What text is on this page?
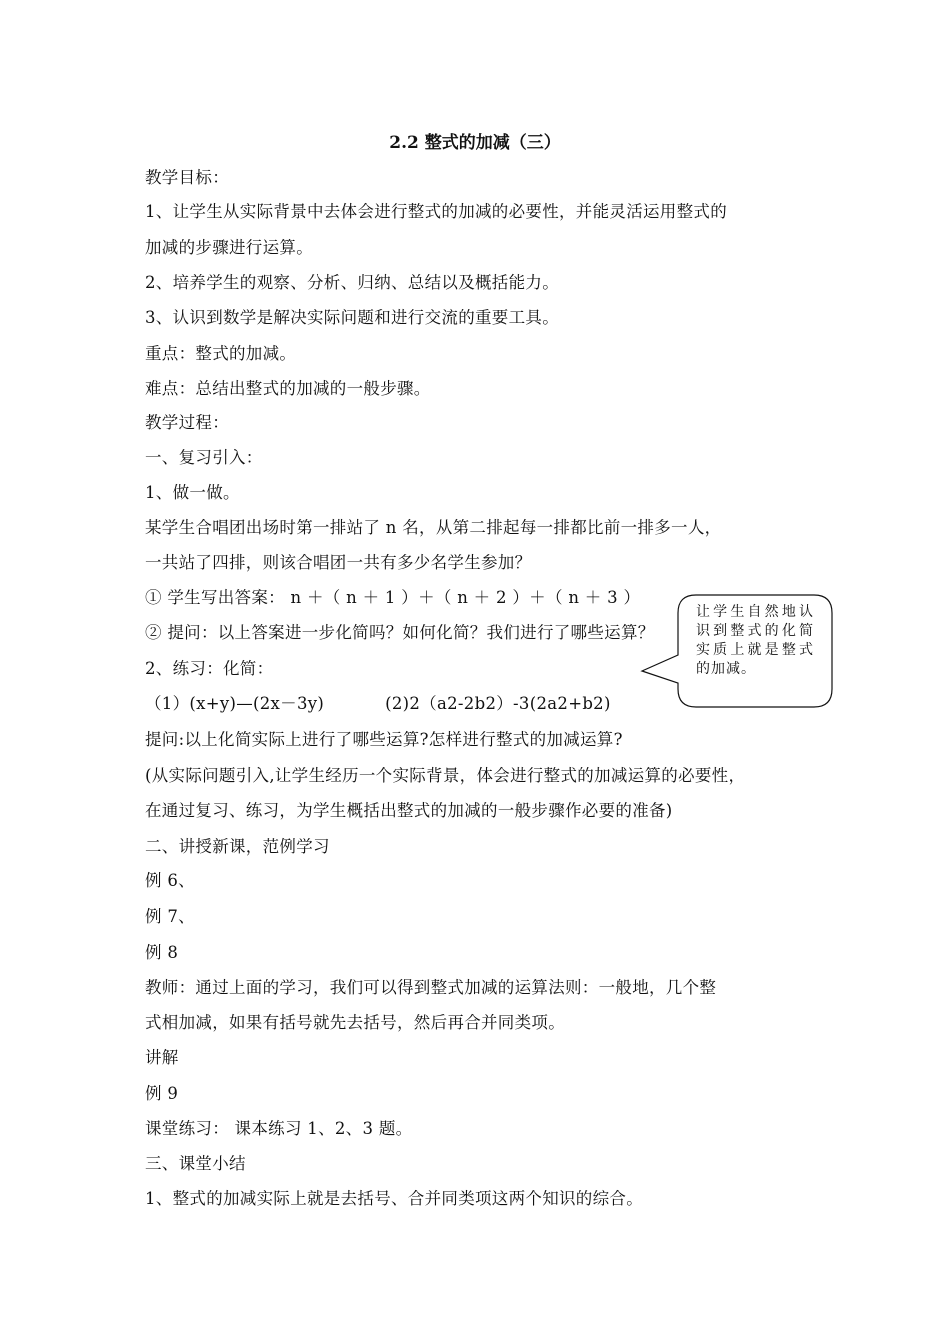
2.2 整式的加减（三）
教学目标：
1、让学生从实际背景中去体会进行整式的加减的必要性，并能灵活运用整式的
加减的步骤进行运算。
2、培养学生的观察、分析、归纳、总结以及概括能力。
3、认识到数学是解决实际问题和进行交流的重要工具。
重点：整式的加减。
难点：总结出整式的加减的一般步骤。
教学过程：
一、复习引入：
1、做一做。
某学生合唱团出场时第一排站了 n 名，从第二排起每一排都比前一排多一人，
一共站了四排，则该合唱团一共有多少名学生参加？
① 学生写出答案： n ＋（ n ＋ 1 ）＋（ n ＋ 2 ）＋（ n ＋ 3 ）
② 提问：以上答案进一步化简吗？如何化简？我们进行了哪些运算？
2、练习：化简：
（1）(x+y)—(2x－3y)           (2)2（a2-2b2）-3(2a2+b2)
提问:以上化简实际上进行了哪些运算?怎样进行整式的加减运算?
(从实际问题引入,让学生经历一个实际背景，体会进行整式的加减运算的必要性，
在通过复习、练习，为学生概括出整式的加减的一般步骤作必要的准备)
二、讲授新课，范例学习
例 6、
例 7、
例 8
教师：通过上面的学习，我们可以得到整式加减的运算法则：一般地，几个整
式相加减，如果有括号就先去括号，然后再合并同类项。
讲解
例 9
课堂练习： 课本练习 1、2、3 题。
三、课堂小结
1、整式的加减实际上就是去括号、合并同类项这两个知识的综合。
让学生自然地认识到整式的化简实质上就是整式的加减。
